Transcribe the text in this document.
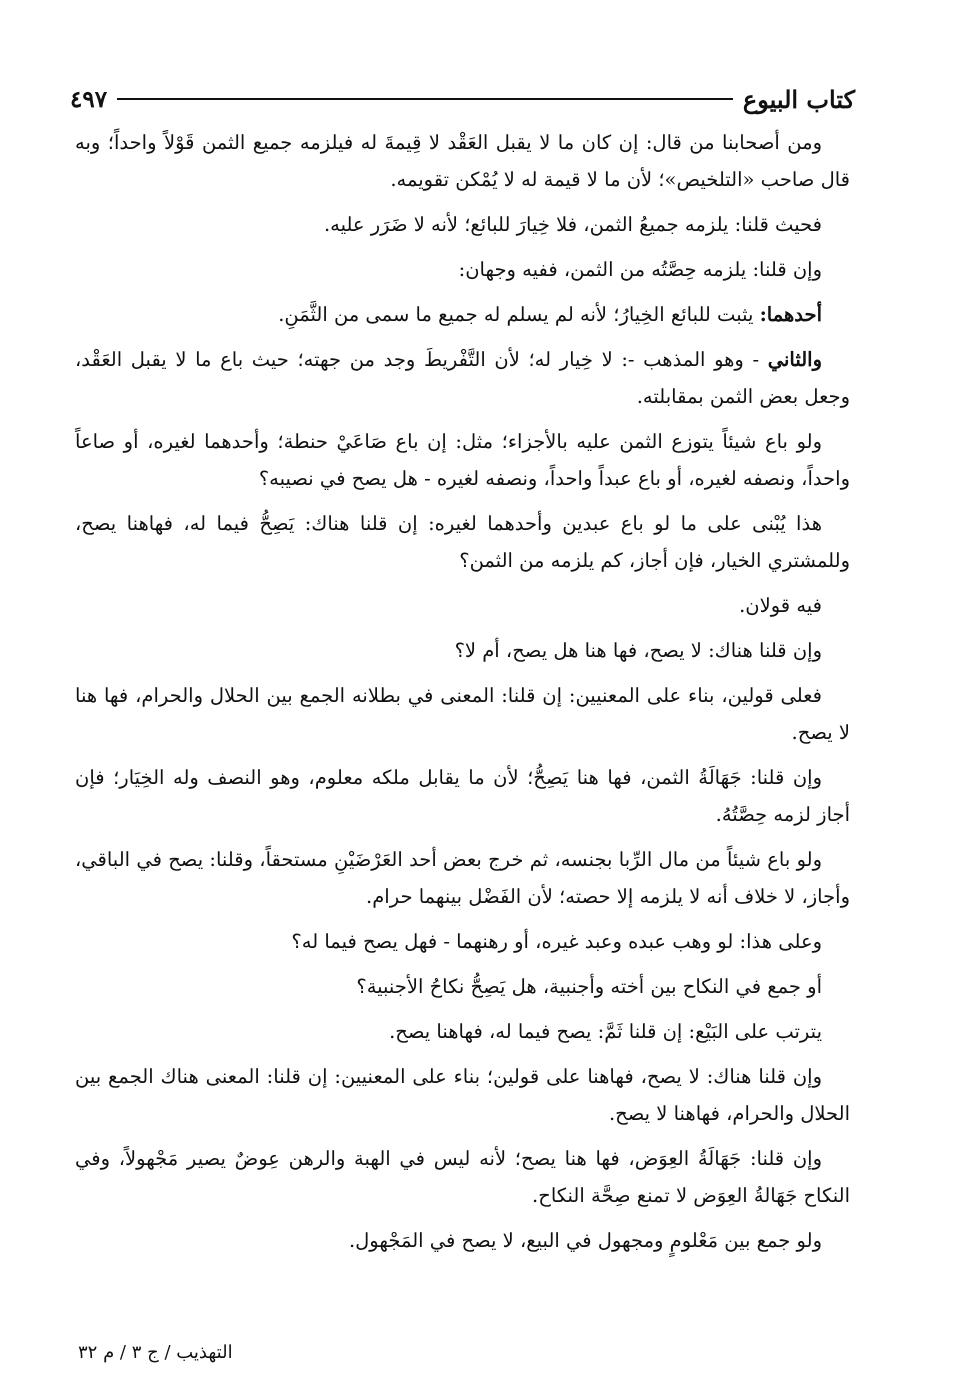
كتاب البيوع
٤٩٧

ومن أصحابنا من قال: إن كان ما لا يقبل العَقْد لا قِيمةَ له فيلزمه جميع الثمن قَوْلاً واحداً؛ وبه قال صاحب «التلخيص»؛ لأن ما لا قيمة له لا يُمْكن تقويمه.

فحيث قلنا: يلزمه جميعُ الثمن، فلا خِيارَ للبائع؛ لأنه لا ضَرَر عليه.

وإن قلنا: يلزمه حِصَّتُه من الثمن، ففيه وجهان:

أحدهما: يثبت للبائع الخِيارُ؛ لأنه لم يسلم له جميع ما سمى من الثَّمَنِ.

والثاني - وهو المذهب -: لا خِيار له؛ لأن التَّفْريطَ وجد من جهته؛ حيث باع ما لا يقبل العَقْد، وجعل بعض الثمن بمقابلته.

ولو باع شيئاً يتوزع الثمن عليه بالأجزاء؛ مثل: إن باع صَاعَيْ حنطة؛ وأحدهما لغيره، أو صاعاً واحداً، ونصفه لغيره، أو باع عبداً واحداً، ونصفه لغيره - هل يصح في نصيبه؟

هذا يُبْنى على ما لو باع عبدين وأحدهما لغيره: إن قلنا هناك: يَصِحُّ فيما له، فهاهنا يصح، وللمشتري الخيار، فإن أجاز، كم يلزمه من الثمن؟

فيه قولان.

وإن قلنا هناك: لا يصح، فها هنا هل يصح، أم لا؟

فعلى قولين، بناء على المعنيين: إن قلنا: المعنى في بطلانه الجمع بين الحلال والحرام، فها هنا لا يصح.

وإن قلنا: جَهَالَةُ الثمن، فها هنا يَصِحُّ؛ لأن ما يقابل ملكه معلوم، وهو النصف وله الخِيَار؛ فإن أجاز لزمه حِصَّتُهُ.

ولو باع شيئاً من مال الرِّبا بجنسه، ثم خرج بعض أحد العَرْضَيْنِ مستحقاً، وقلنا: يصح في الباقي، وأجاز، لا خلاف أنه لا يلزمه إلا حصته؛ لأن الفَضْل بينهما حرام.

وعلى هذا: لو وهب عبده وعبد غيره، أو رهنهما - فهل يصح فيما له؟

أو جمع في النكاح بين أخته وأجنبية، هل يَصِحُّ نكاحُ الأجنبية؟

يترتب على البَيْع: إن قلنا ثَمَّ: يصح فيما له، فهاهنا يصح.

وإن قلنا هناك: لا يصح، فهاهنا على قولين؛ بناء على المعنيين: إن قلنا: المعنى هناك الجمع بين الحلال والحرام، فهاهنا لا يصح.

وإن قلنا: جَهَالَةُ العِوَض، فها هنا يصح؛ لأنه ليس في الهبة والرهن عِوضٌ يصير مَجْهولاً، وفي النكاح جَهَالةُ العِوَض لا تمنع صِحَّة النكاح.

ولو جمع بين مَعْلومٍ ومجهول في البيع، لا يصح في المَجْهول.

التهذيب / ج ٣ / م ٣٢
